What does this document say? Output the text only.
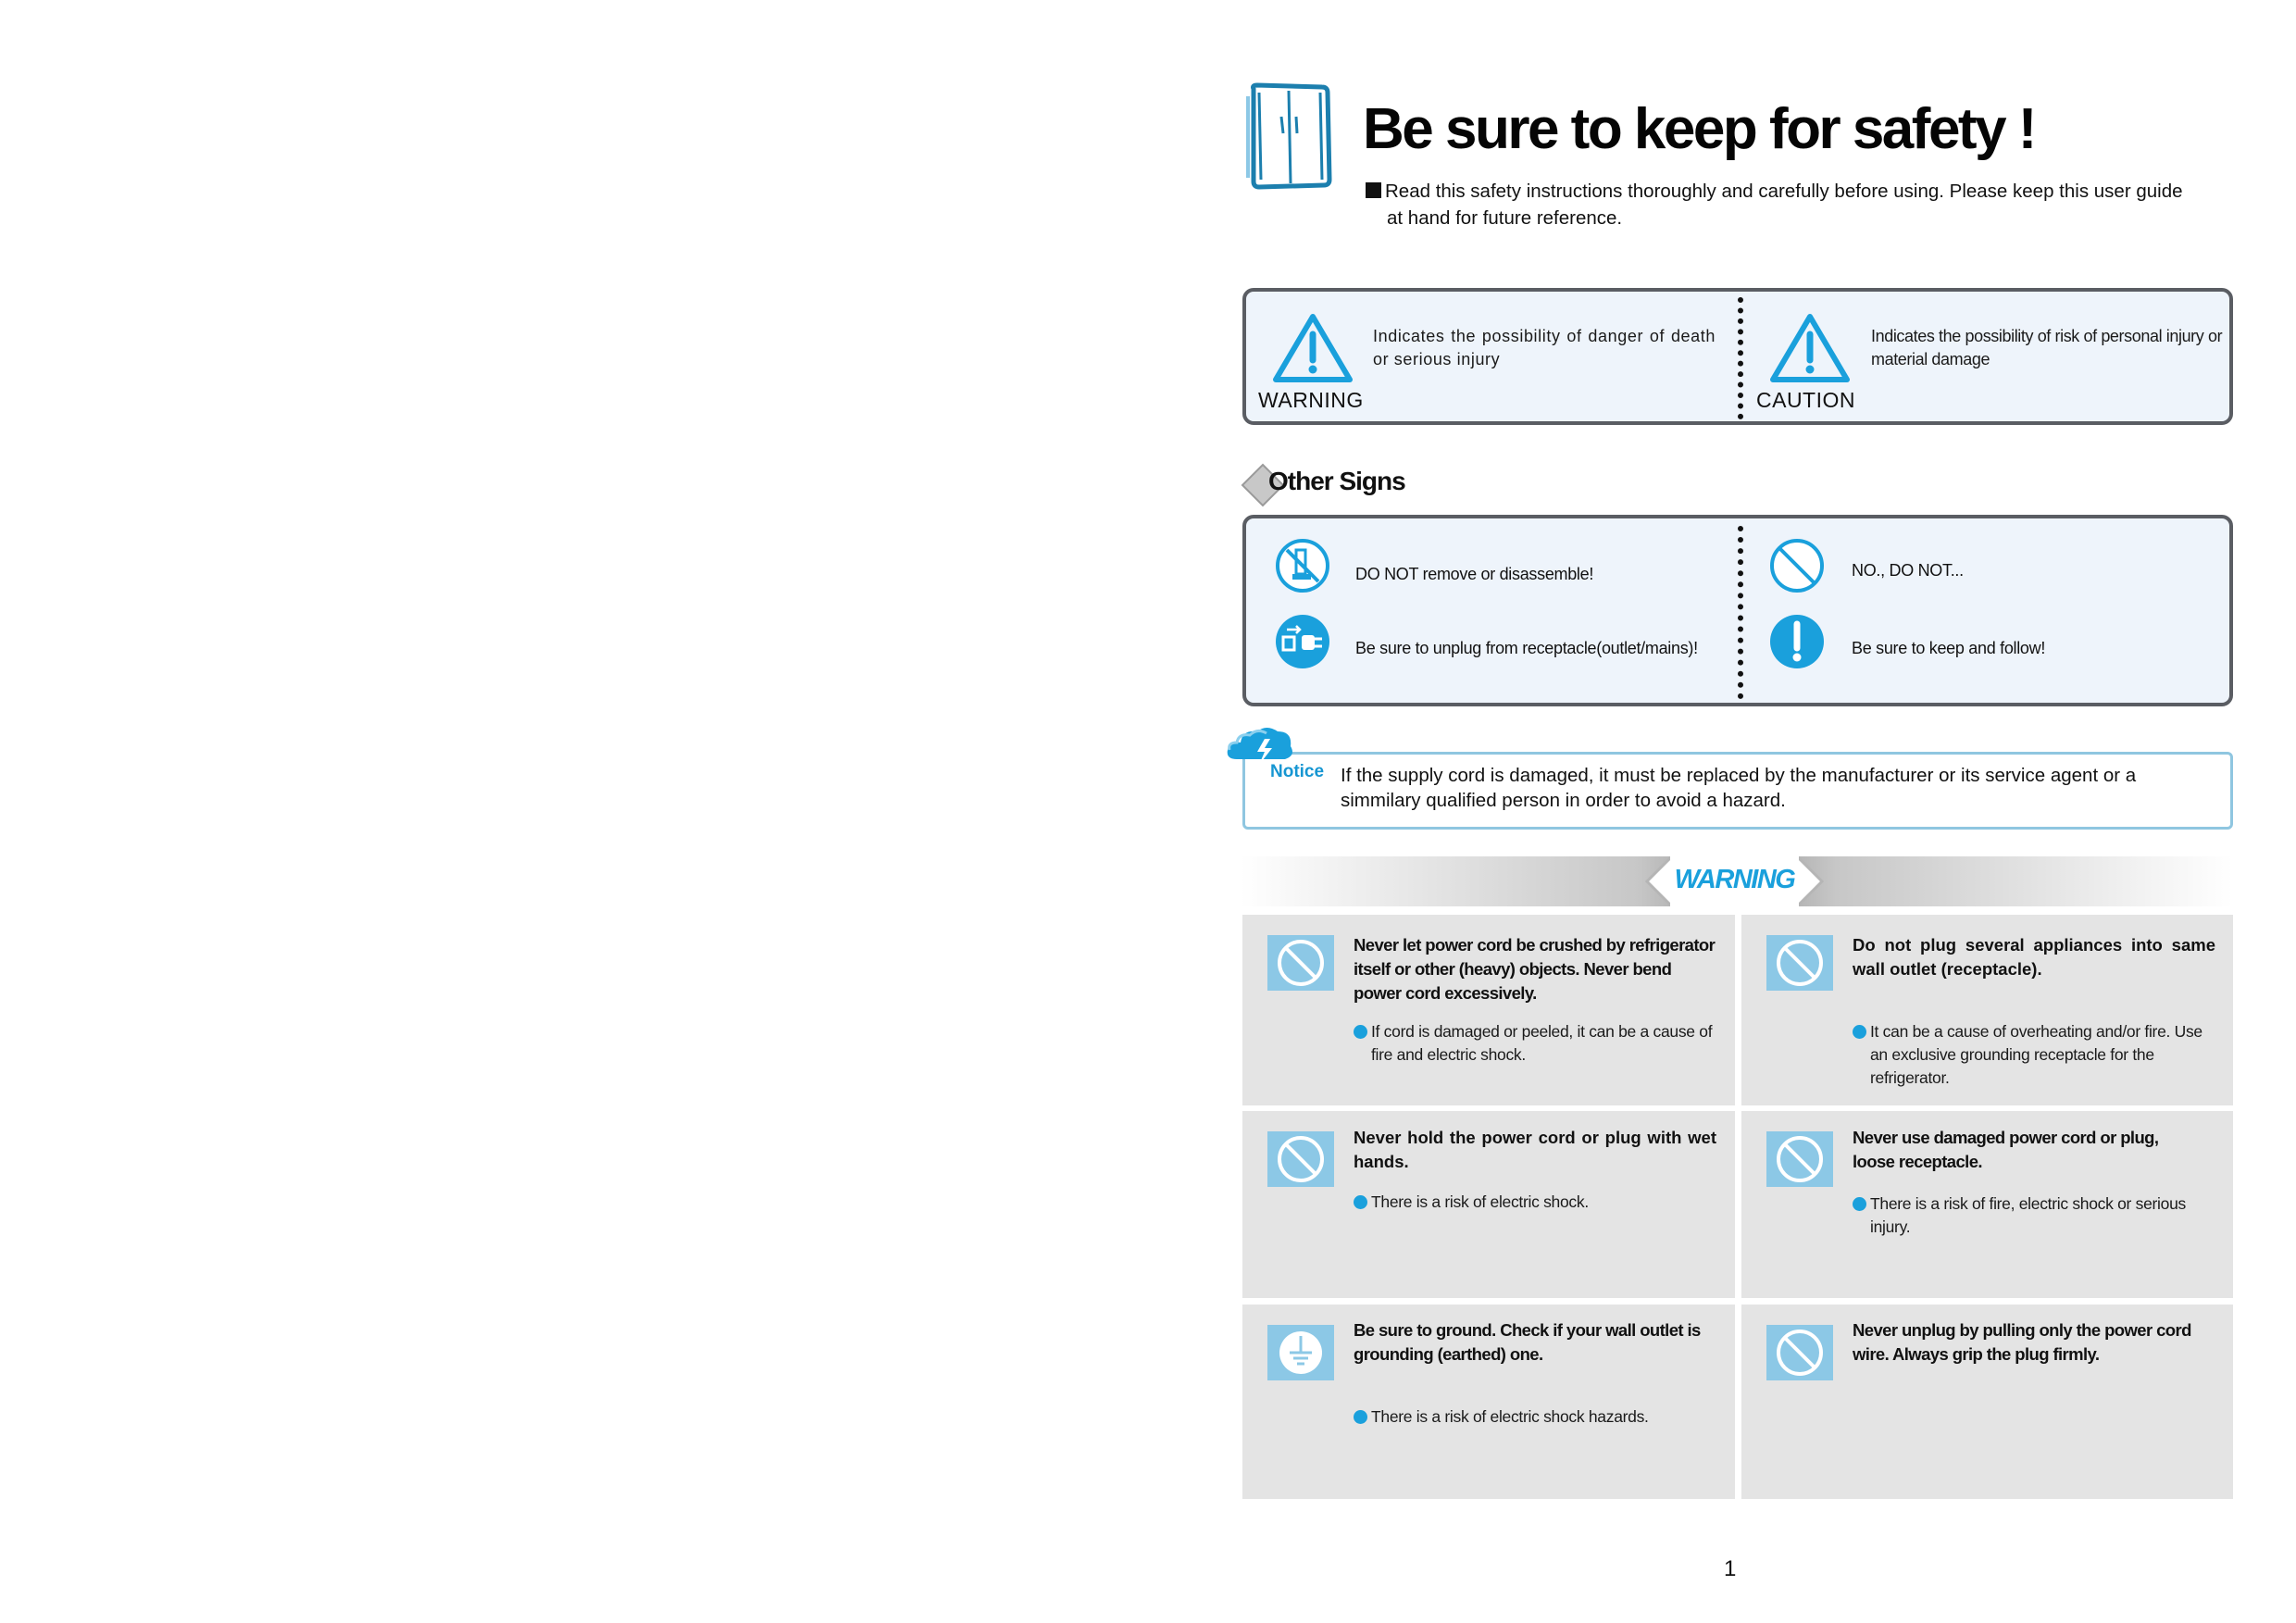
Be sure to keep for safety !
Read this safety instructions thoroughly and carefully before using. Please keep this user guide
at hand for future reference.
WARNING
Indicates the possibility of danger of death or serious injury
CAUTION
Indicates the possibility of risk of personal injury or material damage
Other Signs
DO NOT remove or disassemble!
Be sure to unplug from receptacle(outlet/mains)!
NO., DO NOT...
Be sure to keep and follow!
Notice If the supply cord is damaged, it must be replaced by the manufacturer or its service agent or a simmilary qualified person in order to avoid a hazard.
WARNING
Never let power cord be crushed by refrigerator itself or other (heavy) objects. Never bend power cord excessively.
If cord is damaged or peeled, it can be a cause of fire and electric shock.
Do not plug several appliances into same wall outlet (receptacle).
It can be a cause of overheating and/or fire. Use an exclusive grounding receptacle for the refrigerator.
Never hold the power cord or plug with wet hands.
There is a risk of electric shock.
Never use damaged power cord or plug, loose receptacle.
There is a risk of fire, electric shock or serious injury.
Be sure to ground. Check if your wall outlet is grounding (earthed) one.
There is a risk of electric shock hazards.
Never unplug by pulling only the power cord wire. Always grip the plug firmly.
1
